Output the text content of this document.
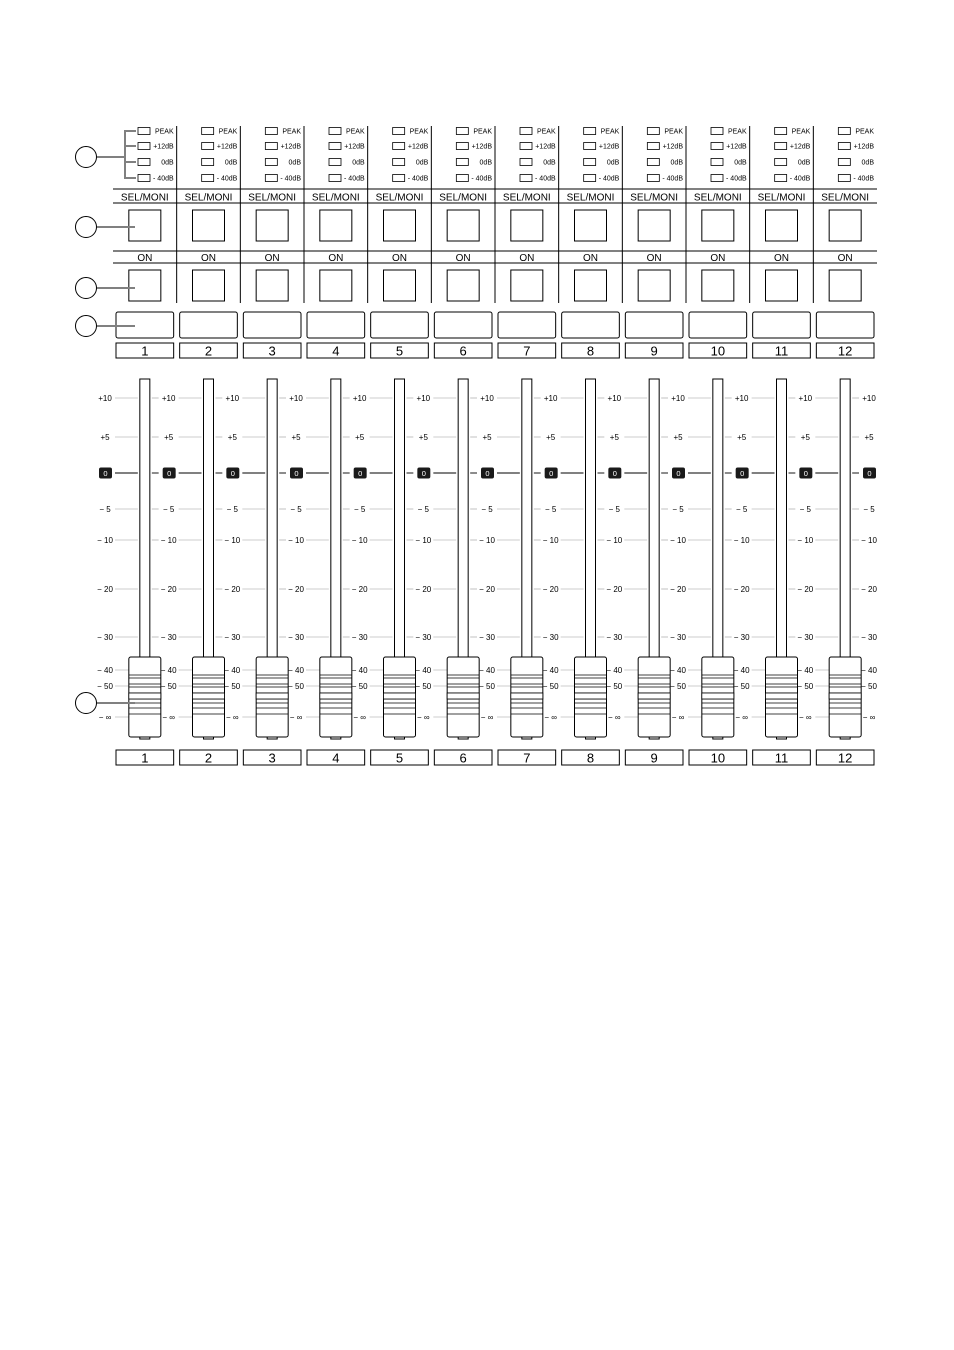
PEAK
+12dB
0dB
- 40dB
SEL/MONI
ON
1
PEAK
+12dB
0dB
- 40dB
SEL/MONI
ON
2
PEAK
+12dB
0dB
- 40dB
SEL/MONI
ON
3
PEAK
+12dB
0dB
- 40dB
SEL/MONI
ON
4
PEAK
+12dB
0dB
- 40dB
SEL/MONI
ON
5
PEAK
+12dB
0dB
- 40dB
SEL/MONI
ON
6
PEAK
+12dB
0dB
- 40dB
SEL/MONI
ON
7
PEAK
+12dB
0dB
- 40dB
SEL/MONI
ON
8
PEAK
+12dB
0dB
- 40dB
SEL/MONI
ON
9
PEAK
+12dB
0dB
- 40dB
SEL/MONI
ON
10
PEAK
+12dB
0dB
- 40dB
SEL/MONI
ON
11
PEAK
+12dB
0dB
- 40dB
SEL/MONI
ON
12
+10	+10	+10	+10	+10	+10	+10	+10	+10	+10	+10	+10	+10
+5	+5	+5	+5	+5	+5	+5	+5	+5	+5	+5	+5	+5
0	0	0	0	0	0	0	0	0	0	0	0	0
− 5	− 5	− 5	− 5	− 5	− 5	− 5	− 5	− 5	− 5	− 5	− 5	− 5
− 10	− 10	− 10	− 10	− 10	− 10	− 10	− 10	− 10	− 10	− 10	− 10	− 10
− 20	− 20	− 20	− 20	− 20	− 20	− 20	− 20	− 20	− 20	− 20	− 20	− 20
− 30	− 30	− 30	− 30	− 30	− 30	− 30	− 30	− 30	− 30	− 30	− 30	− 30
− 40	− 40	− 40	− 40	− 40	− 40	− 40	− 40	− 40	− 40	− 40	− 40	− 40
− 50	− 50	− 50	− 50	− 50	− 50	− 50	− 50	− 50	− 50	− 50	− 50	− 50
− ∞	− ∞	− ∞	− ∞	− ∞	− ∞	− ∞	− ∞	− ∞	− ∞	− ∞	− ∞	− ∞
1	2	3	4	5	6	7	8	9	10	11	12
